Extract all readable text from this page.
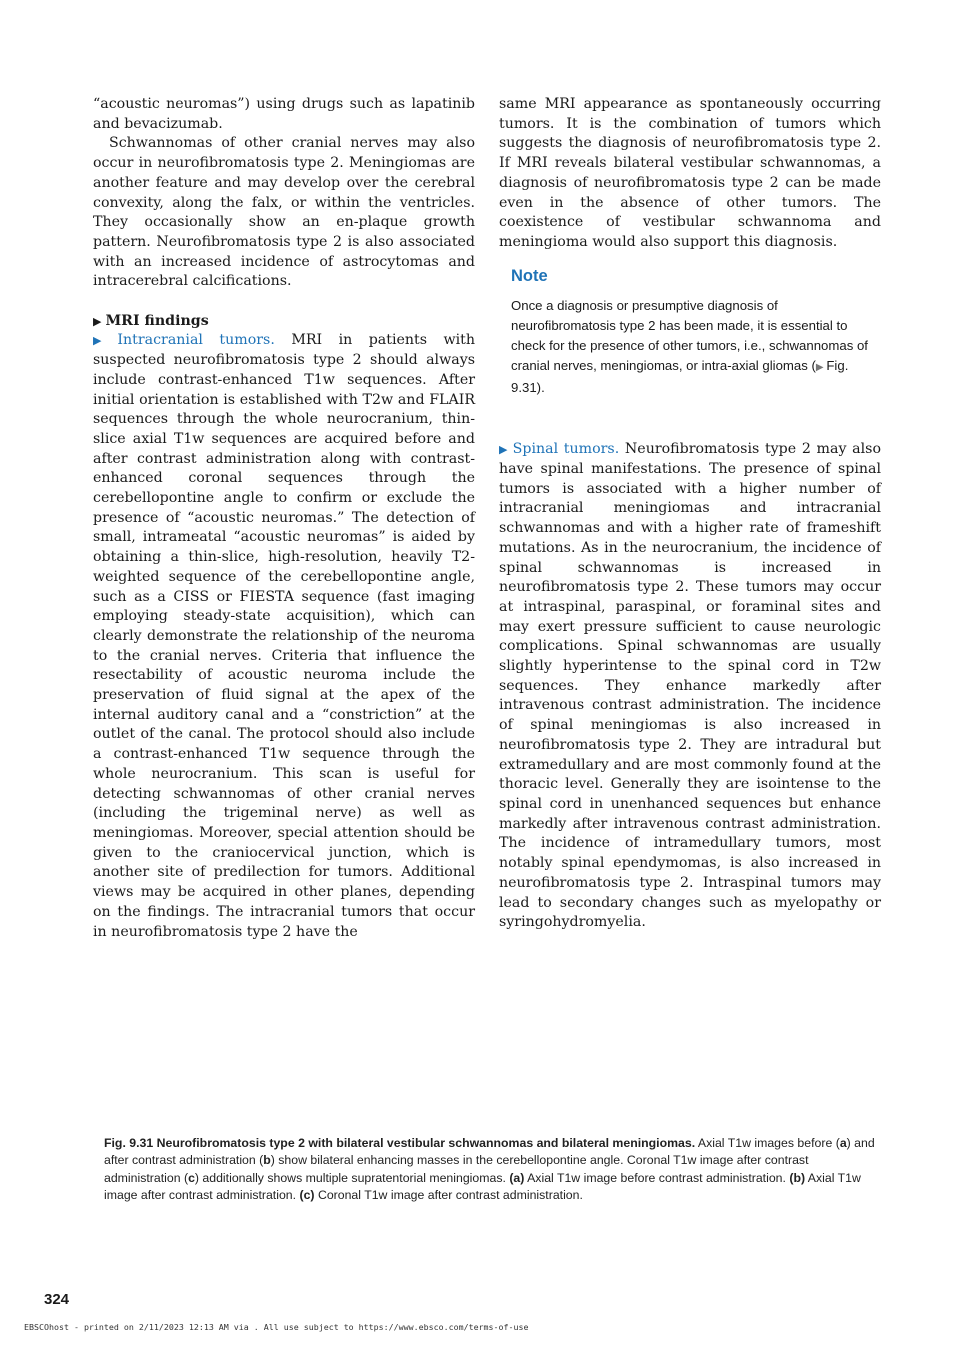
“acoustic neuromas”) using drugs such as lapatinib and bevacizumab.

Schwannomas of other cranial nerves may also occur in neurofibromatosis type 2. Meningiomas are another feature and may develop over the cerebral convexity, along the falx, or within the ventricles. They occasionally show an en-plaque growth pattern. Neurofibromatosis type 2 is also associated with an increased incidence of astrocytomas and intracerebral calcifications.

▶ MRI findings

▶ Intracranial tumors. MRI in patients with suspected neurofibromatosis type 2 should always include contrast-enhanced T1w sequences. After initial orientation is established with T2w and FLAIR sequences through the whole neurocranium, thin-slice axial T1w sequences are acquired before and after contrast administration along with contrast-enhanced coronal sequences through the cerebellopontine angle to confirm or exclude the presence of “acoustic neuromas.” The detection of small, intrameatal “acoustic neuromas” is aided by obtaining a thin-slice, high-resolution, heavily T2-weighted sequence of the cerebellopontine angle, such as a CISS or FIESTA sequence (fast imaging employing steady-state acquisition), which can clearly demonstrate the relationship of the neuroma to the cranial nerves. Criteria that influence the resectability of acoustic neuroma include the preservation of fluid signal at the apex of the internal auditory canal and a “constriction” at the outlet of the canal. The protocol should also include a contrast-enhanced T1w sequence through the whole neurocranium. This scan is useful for detecting schwannomas of other cranial nerves (including the trigeminal nerve) as well as meningiomas. Moreover, special attention should be given to the craniocervical junction, which is another site of predilection for tumors. Additional views may be acquired in other planes, depending on the findings. The intracranial tumors that occur in neurofibromatosis type 2 have the

same MRI appearance as spontaneously occurring tumors. It is the combination of tumors which suggests the diagnosis of neurofibromatosis type 2. If MRI reveals bilateral vestibular schwannomas, a diagnosis of neurofibromatosis type 2 can be made even in the absence of other tumors. The coexistence of vestibular schwannoma and meningioma would also support this diagnosis.

Note
Once a diagnosis or presumptive diagnosis of neurofibromatosis type 2 has been made, it is essential to check for the presence of other tumors, i.e., schwannomas of cranial nerves, meningiomas, or intra-axial gliomas (▶ Fig. 9.31).

▶ Spinal tumors. Neurofibromatosis type 2 may also have spinal manifestations. The presence of spinal tumors is associated with a higher number of intracranial meningiomas and intracranial schwannomas and with a higher rate of frameshift mutations. As in the neurocranium, the incidence of spinal schwannomas is increased in neurofibromatosis type 2. These tumors may occur at intraspinal, paraspinal, or foraminal sites and may exert pressure sufficient to cause neurologic complications. Spinal schwannomas are usually slightly hyperintense to the spinal cord in T2w sequences. They enhance markedly after intravenous contrast administration. The incidence of spinal meningiomas is also increased in neurofibromatosis type 2. They are intradural but extramedullary and are most commonly found at the thoracic level. Generally they are isointense to the spinal cord in unenhanced sequences but enhance markedly after intravenous contrast administration. The incidence of intramedullary tumors, most notably spinal ependymomas, is also increased in neurofibromatosis type 2. Intraspinal tumors may lead to secondary changes such as myelopathy or syringohydromyelia.

Fig. 9.31 Neurofibromatosis type 2 with bilateral vestibular schwannomas and bilateral meningiomas. Axial T1w images before (a) and after contrast administration (b) show bilateral enhancing masses in the cerebellopontine angle. Coronal T1w image after contrast administration (c) additionally shows multiple supratentorial meningiomas. (a) Axial T1w image before contrast administration. (b) Axial T1w image after contrast administration. (c) Coronal T1w image after contrast administration.
324
EBSCOhost - printed on 2/11/2023 12:13 AM via . All use subject to https://www.ebsco.com/terms-of-use
